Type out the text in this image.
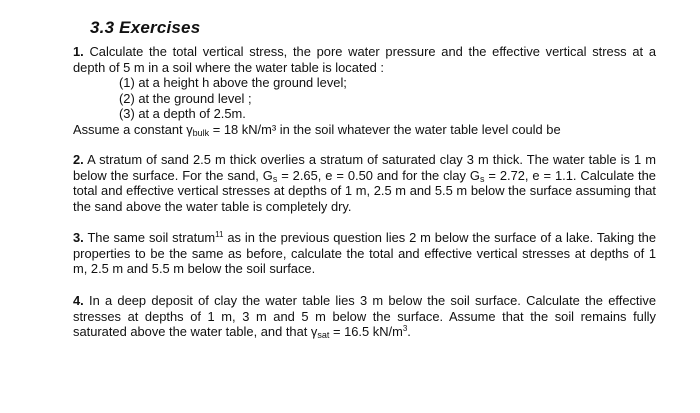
3.3 Exercises
1. Calculate the total vertical stress, the pore water pressure and the effective vertical stress at a depth of 5 m in a soil where the water table is located :
(1) at a height h above the ground level;
(2) at the ground level ;
(3) at a depth of 2.5m.
Assume a constant $\gamma_{bulk} = 18$ kN/m³ in the soil whatever the water table level could be
2. A stratum of sand 2.5 m thick overlies a stratum of saturated clay 3 m thick. The water table is 1 m below the surface. For the sand, $G_s = 2.65$, e = 0.50 and for the clay $G_s = 2.72$, e = 1.1. Calculate the total and effective vertical stresses at depths of 1 m, 2.5 m and 5.5 m below the surface assuming that the sand above the water table is completely dry.
3. The same soil stratum$^{11}$ as in the previous question lies 2 m below the surface of a lake. Taking the properties to be the same as before, calculate the total and effective vertical stresses at depths of 1 m, 2.5 m and 5.5 m below the soil surface.
4. In a deep deposit of clay the water table lies 3 m below the soil surface. Calculate the effective stresses at depths of 1 m, 3 m and 5 m below the surface. Assume that the soil remains fully saturated above the water table, and that $\gamma_{sat} = 16.5$ $kN/m^3$.
